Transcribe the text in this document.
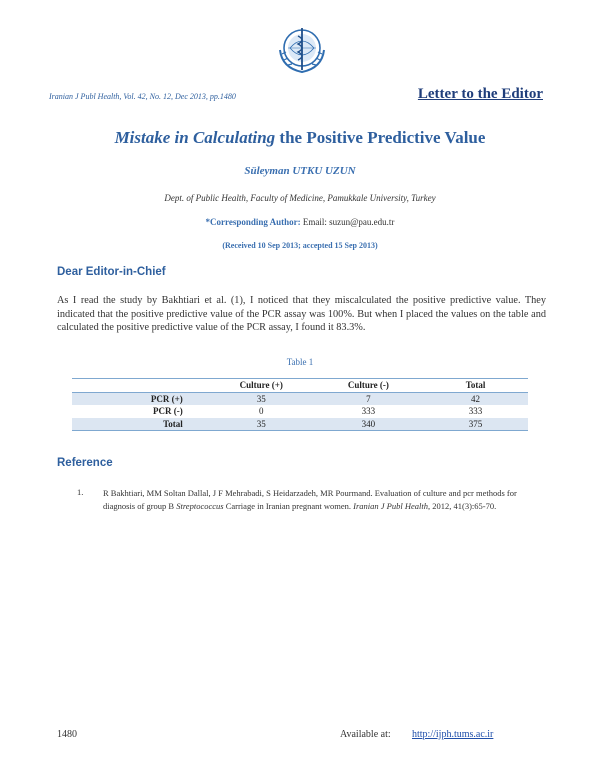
Iranian J Publ Health, Vol. 42, No. 12, Dec 2013, pp.1480	Letter to the Editor
Mistake in Calculating the Positive Predictive Value
Süleyman UTKU UZUN
Dept. of Public Health, Faculty of Medicine, Pamukkale University, Turkey
*Corresponding Author: Email: suzun@pau.edu.tr
(Received 10 Sep 2013; accepted 15 Sep 2013)
Dear Editor-in-Chief
As I read the study by Bakhtiari et al. (1), I noticed that they miscalculated the positive predictive value. They indicated that the positive predictive value of the PCR assay was 100%. But when I placed the values on the table and calculated the positive predictive value of the PCR assay, I found it 83.3%.
Table 1
	Culture (+)	Culture (-)	Total
PCR (+)	35	7	42
PCR (-)	0	333	333
Total	35	340	375
Reference
1. R Bakhtiari, MM Soltan Dallal, J F Mehrabadi, S Heidarzadeh, MR Pourmand. Evaluation of culture and pcr methods for diagnosis of group B Streptococcus Carriage in Iranian pregnant women. Iranian J Publ Health, 2012, 41(3):65-70.
1480	Available at: http://ijph.tums.ac.ir
